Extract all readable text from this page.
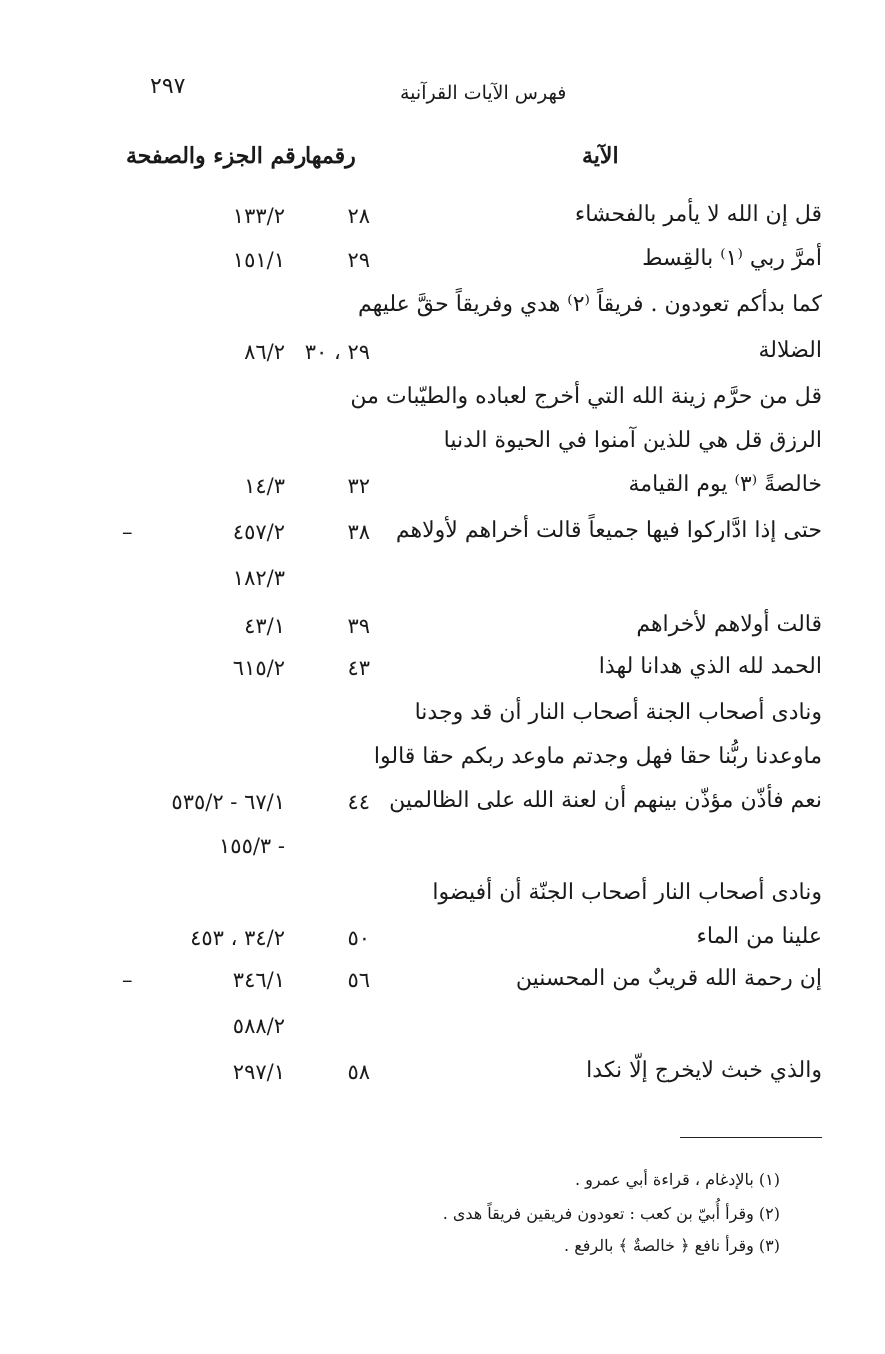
٢٩٧	فهرس الآيات القرآنية
الآية
رقمها
رقم الجزء والصفحة
قل إن الله لا يأمر بالفحشاء
٢٨
١٣٣/٢
أمرَّ ربي ⁽١⁾ بالقِسط
٢٩
١٥١/١
كما بدأكم تعودون . فريقاً ⁽٢⁾ هدي وفريقاً حقَّ عليهم
الضلالة
٢٩ ، ٣٠
٨٦/٢
قل من حرَّم زينة الله التي أخرج لعباده والطيّبات من
الرزق قل هي للذين آمنوا في الحيوة الدنيا
خالصةً ⁽٣⁾ يوم القيامة
٣٢
١٤/٣
حتى إذا ادَّاركوا فيها جميعاً قالت أخراهم لأولاهم
٣٨
٤٥٧/٢
–
١٨٢/٣
قالت أولاهم لأخراهم
٣٩
٤٣/١
الحمد لله الذي هدانا لهذا
٤٣
٦١٥/٢
ونادى أصحاب الجنة أصحاب النار أن قد وجدنا
ماوعدنا ربُّنا حقا فهل وجدتم ماوعد ربكم حقا قالوا
نعم فأذّن مؤذّن بينهم أن لعنة الله على الظالمين
٤٤
٦٧/١ - ٥٣٥/٢
- ١٥٥/٣
ونادى أصحاب النار أصحاب الجنّة أن أفيضوا
علينا من الماء
٥٠
٣٤/٢ ، ٤٥٣
إن رحمة الله قريبٌ من المحسنين
٥٦
٣٤٦/١
–
٥٨٨/٢
والذي خبث لايخرج إلّا نكدا
٥٨
٢٩٧/١
(١) بالإدغام ، قراءة أبي عمرو .
(٢) وقرأ أُبيّ بن كعب : تعودون فريقين فريقاً هدى .
(٣) وقرأ نافع ﴿ خالصةٌ ﴾ بالرفع .
